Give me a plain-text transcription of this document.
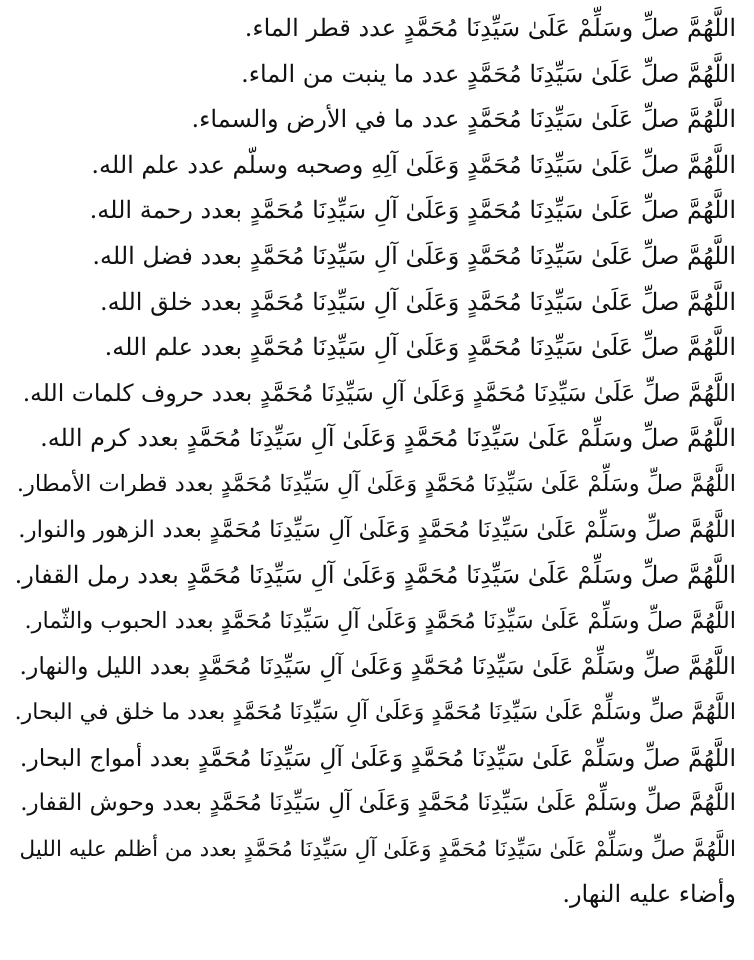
اللَّهُمَّ صلِّ وسَلِّمْ عَلَىٰ سَيِّدِنَا مُحَمَّدٍ عدد قطر الماء.
اللَّهُمَّ صلِّ عَلَىٰ سَيِّدِنَا مُحَمَّدٍ عدد ما ينبت من الماء.
اللَّهُمَّ صلِّ عَلَىٰ سَيِّدِنَا مُحَمَّدٍ عدد ما في الأرض والسماء.
اللَّهُمَّ صلِّ عَلَىٰ سَيِّدِنَا مُحَمَّدٍ وَعَلَىٰ آلِهِ وصحبه وسلّم عدد علم الله.
اللَّهُمَّ صلِّ عَلَىٰ سَيِّدِنَا مُحَمَّدٍ وَعَلَىٰ آلِ سَيِّدِنَا مُحَمَّدٍ بعدد رحمة الله.
اللَّهُمَّ صلِّ عَلَىٰ سَيِّدِنَا مُحَمَّدٍ وَعَلَىٰ آلِ سَيِّدِنَا مُحَمَّدٍ بعدد فضل الله.
اللَّهُمَّ صلِّ عَلَىٰ سَيِّدِنَا مُحَمَّدٍ وَعَلَىٰ آلِ سَيِّدِنَا مُحَمَّدٍ بعدد خلق الله.
اللَّهُمَّ صلِّ عَلَىٰ سَيِّدِنَا مُحَمَّدٍ وَعَلَىٰ آلِ سَيِّدِنَا مُحَمَّدٍ بعدد علم الله.
اللَّهُمَّ صلِّ عَلَىٰ سَيِّدِنَا مُحَمَّدٍ وَعَلَىٰ آلِ سَيِّدِنَا مُحَمَّدٍ بعدد حروف كلمات الله.
اللَّهُمَّ صلِّ وسَلِّمْ عَلَىٰ سَيِّدِنَا مُحَمَّدٍ وَعَلَىٰ آلِ سَيِّدِنَا مُحَمَّدٍ بعدد كرم الله.
اللَّهُمَّ صلِّ وسَلِّمْ عَلَىٰ سَيِّدِنَا مُحَمَّدٍ وَعَلَىٰ آلِ سَيِّدِنَا مُحَمَّدٍ بعدد قطرات الأمطار.
اللَّهُمَّ صلِّ وسَلِّمْ عَلَىٰ سَيِّدِنَا مُحَمَّدٍ وَعَلَىٰ آلِ سَيِّدِنَا مُحَمَّدٍ بعدد الزهور والنوار.
اللَّهُمَّ صلِّ وسَلِّمْ عَلَىٰ سَيِّدِنَا مُحَمَّدٍ وَعَلَىٰ آلِ سَيِّدِنَا مُحَمَّدٍ بعدد رمل القفار.
اللَّهُمَّ صلِّ وسَلِّمْ عَلَىٰ سَيِّدِنَا مُحَمَّدٍ وَعَلَىٰ آلِ سَيِّدِنَا مُحَمَّدٍ بعدد الحبوب والثّمار.
اللَّهُمَّ صلِّ وسَلِّمْ عَلَىٰ سَيِّدِنَا مُحَمَّدٍ وَعَلَىٰ آلِ سَيِّدِنَا مُحَمَّدٍ بعدد الليل والنهار.
اللَّهُمَّ صلِّ وسَلِّمْ عَلَىٰ سَيِّدِنَا مُحَمَّدٍ وَعَلَىٰ آلِ سَيِّدِنَا مُحَمَّدٍ بعدد ما خلق في البحار.
اللَّهُمَّ صلِّ وسَلِّمْ عَلَىٰ سَيِّدِنَا مُحَمَّدٍ وَعَلَىٰ آلِ سَيِّدِنَا مُحَمَّدٍ بعدد أمواج البحار.
اللَّهُمَّ صلِّ وسَلِّمْ عَلَىٰ سَيِّدِنَا مُحَمَّدٍ وَعَلَىٰ آلِ سَيِّدِنَا مُحَمَّدٍ بعدد وحوش القفار.
اللَّهُمَّ صلِّ وسَلِّمْ عَلَىٰ سَيِّدِنَا مُحَمَّدٍ وَعَلَىٰ آلِ سَيِّدِنَا مُحَمَّدٍ بعدد من أظلم عليه الليل
وأضاء عليه النهار.
